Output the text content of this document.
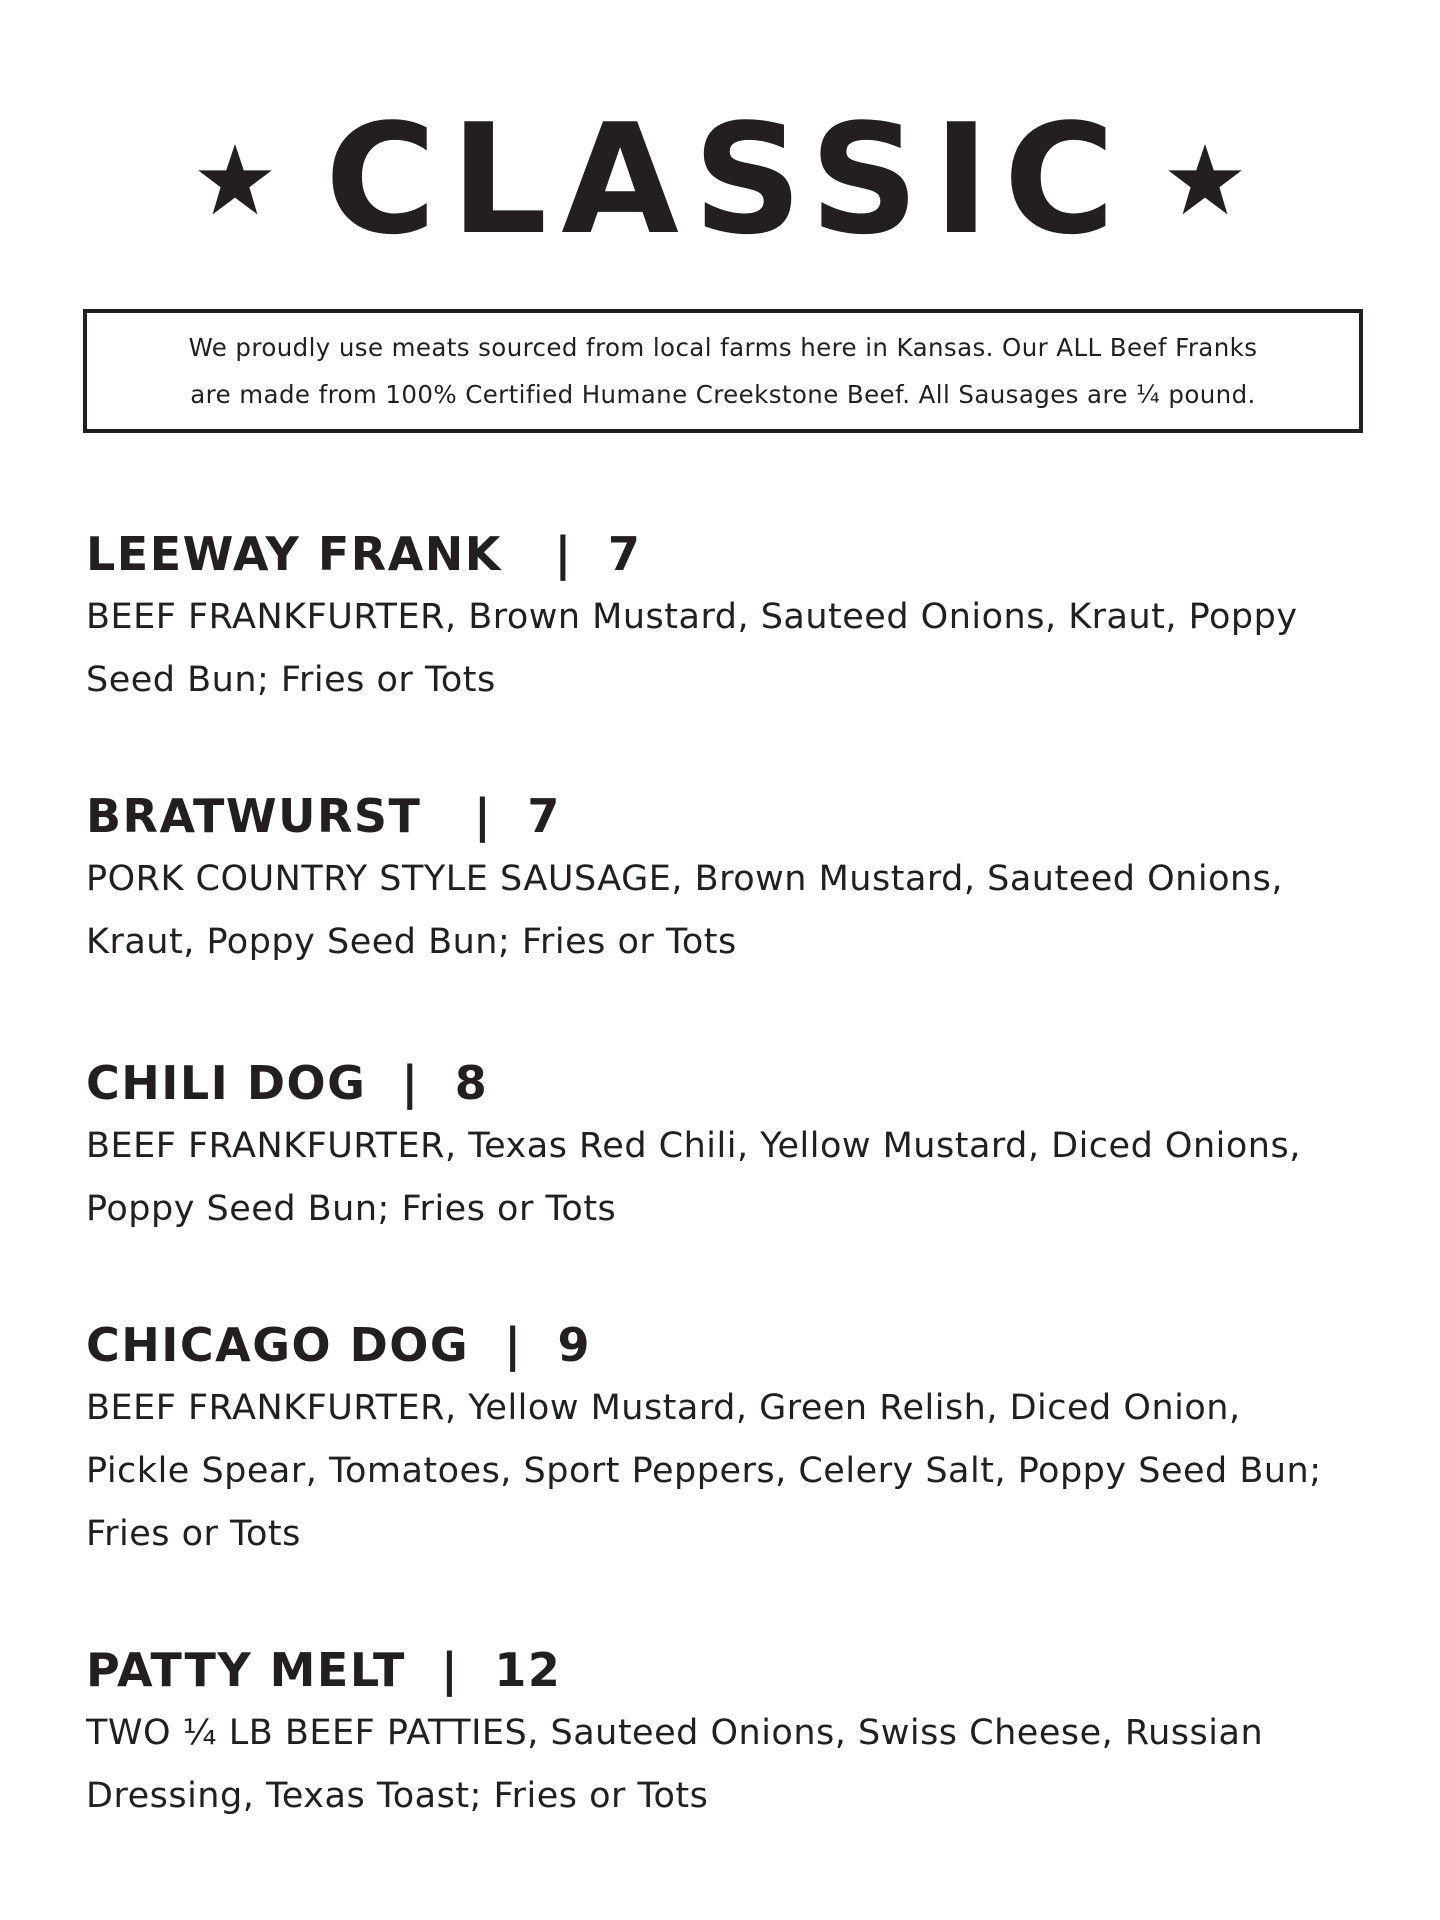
CLASSIC

We proudly use meats sourced from local farms here in Kansas. Our ALL Beef Franks
are made from 100% Certified Humane Creekstone Beef. All Sausages are ¼ pound.

LEEWAY FRANK | 7

BEEF FRANKFURTER, Brown Mustard, Sauteed Onions, Kraut, Poppy Seed Bun; Fries or Tots

BRATWURST | 7

PORK COUNTRY STYLE SAUSAGE, Brown Mustard, Sauteed Onions, Kraut, Poppy Seed Bun; Fries or Tots

CHILI DOG | 8

BEEF FRANKFURTER, Texas Red Chili, Yellow Mustard, Diced Onions, Poppy Seed Bun; Fries or Tots

CHICAGO DOG | 9

BEEF FRANKFURTER, Yellow Mustard, Green Relish, Diced Onion, Pickle Spear, Tomatoes, Sport Peppers, Celery Salt, Poppy Seed Bun; Fries or Tots

PATTY MELT | 12

TWO ¼ LB BEEF PATTIES, Sauteed Onions, Swiss Cheese, Russian Dressing, Texas Toast; Fries or Tots
